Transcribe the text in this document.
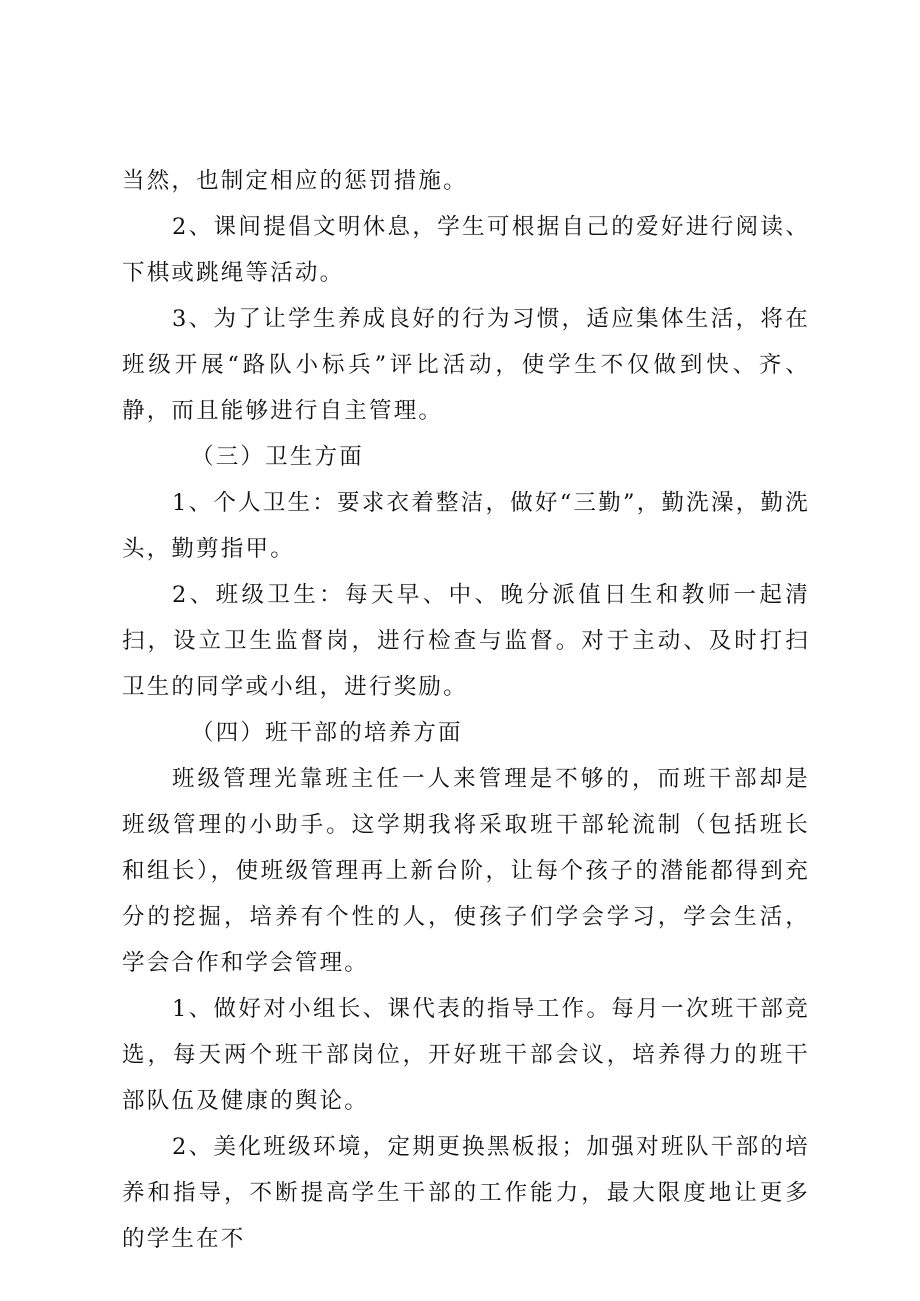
当然，也制定相应的惩罚措施。

2、课间提倡文明休息，学生可根据自己的爱好进行阅读、下棋或跳绳等活动。

3、为了让学生养成良好的行为习惯，适应集体生活，将在班级开展“路队小标兵”评比活动，使学生不仅做到快、齐、静，而且能够进行自主管理。

（三）卫生方面

1、个人卫生：要求衣着整洁，做好“三勤”，勤洗澡，勤洗头，勤剪指甲。

2、班级卫生：每天早、中、晚分派值日生和教师一起清扫，设立卫生监督岗，进行检查与监督。对于主动、及时打扫卫生的同学或小组，进行奖励。

（四）班干部的培养方面

班级管理光靠班主任一人来管理是不够的，而班干部却是班级管理的小助手。这学期我将采取班干部轮流制（包括班长和组长），使班级管理再上新台阶，让每个孩子的潜能都得到充分的挖掘，培养有个性的人，使孩子们学会学习，学会生活，学会合作和学会管理。

1、做好对小组长、课代表的指导工作。每月一次班干部竞选，每天两个班干部岗位，开好班干部会议，培养得力的班干部队伍及健康的舆论。

2、美化班级环境，定期更换黑板报；加强对班队干部的培养和指导，不断提高学生干部的工作能力，最大限度地让更多的学生在不
